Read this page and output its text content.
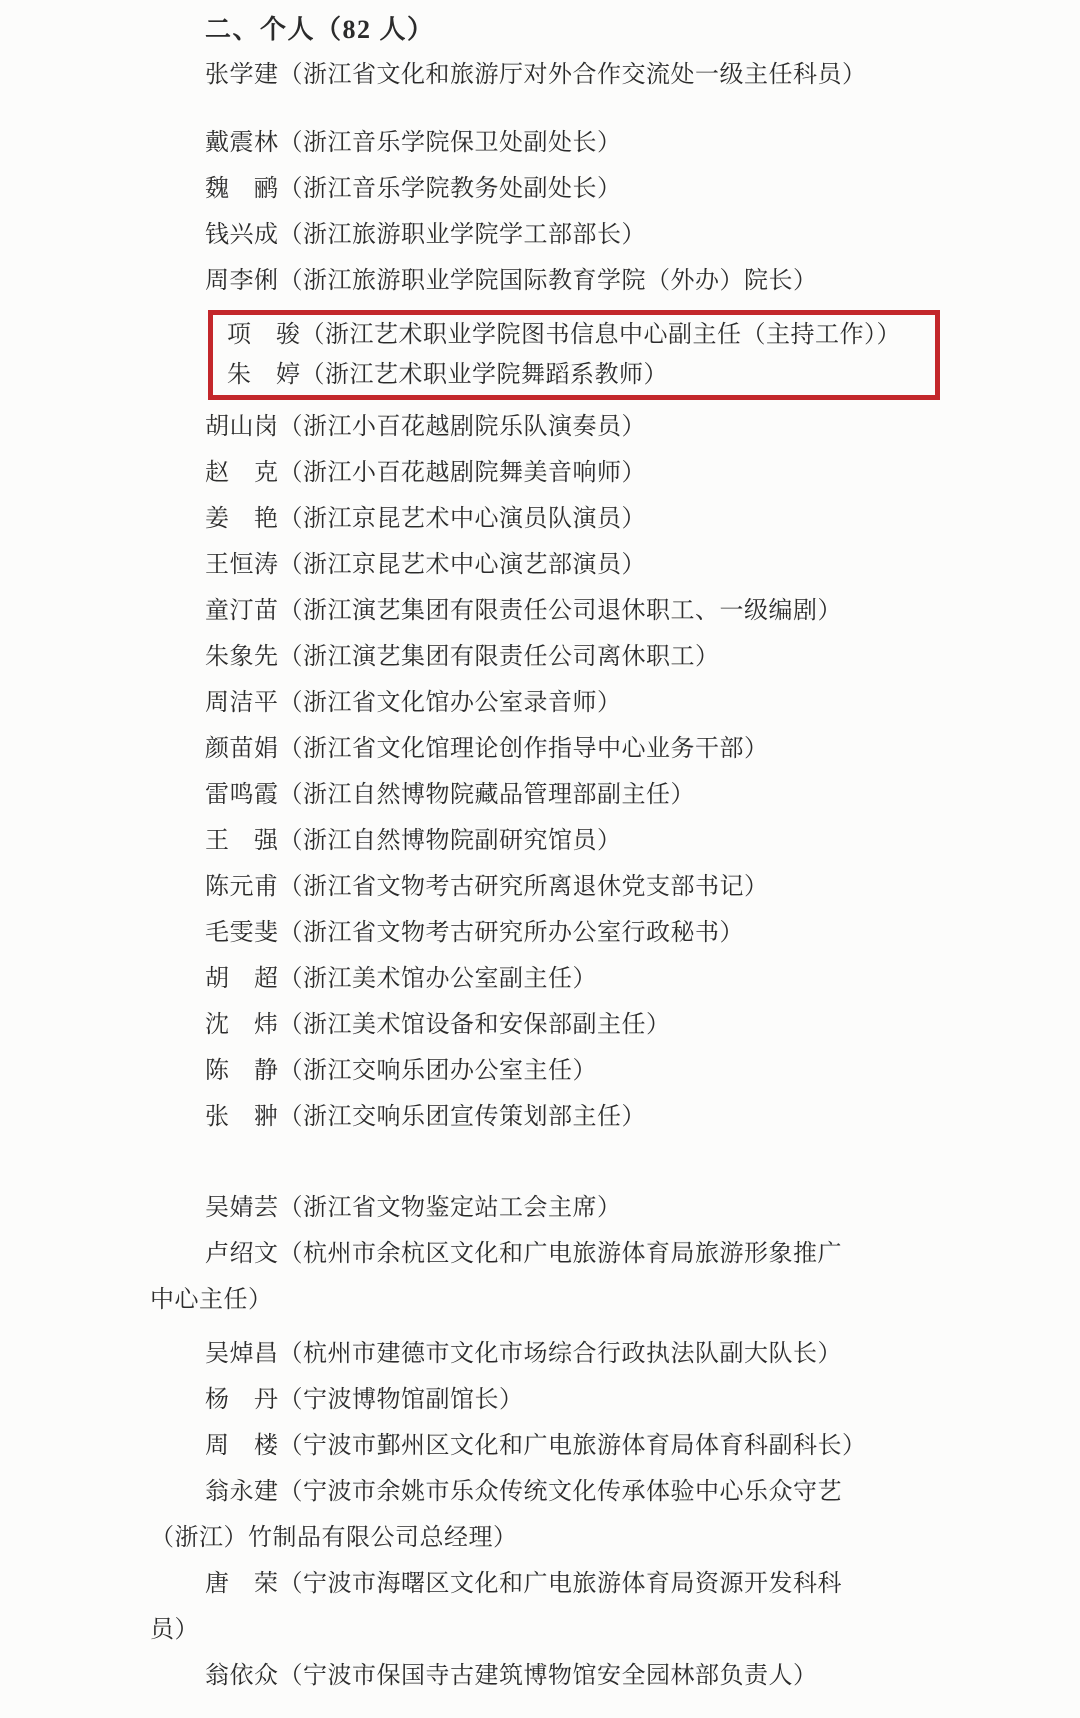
二、个人（82 人）
张学建（浙江省文化和旅游厅对外合作交流处一级主任科员）
戴震林（浙江音乐学院保卫处副处长）
魏　鹂（浙江音乐学院教务处副处长）
钱兴成（浙江旅游职业学院学工部部长）
周李俐（浙江旅游职业学院国际教育学院（外办）院长）
项　骏（浙江艺术职业学院图书信息中心副主任（主持工作））
朱　婷（浙江艺术职业学院舞蹈系教师）
胡山岗（浙江小百花越剧院乐队演奏员）
赵　克（浙江小百花越剧院舞美音响师）
姜　艳（浙江京昆艺术中心演员队演员）
王恒涛（浙江京昆艺术中心演艺部演员）
童汀苗（浙江演艺集团有限责任公司退休职工、一级编剧）
朱象先（浙江演艺集团有限责任公司离休职工）
周洁平（浙江省文化馆办公室录音师）
颜苗娟（浙江省文化馆理论创作指导中心业务干部）
雷鸣霞（浙江自然博物院藏品管理部副主任）
王　强（浙江自然博物院副研究馆员）
陈元甫（浙江省文物考古研究所离退休党支部书记）
毛雯斐（浙江省文物考古研究所办公室行政秘书）
胡　超（浙江美术馆办公室副主任）
沈　炜（浙江美术馆设备和安保部副主任）
陈　静（浙江交响乐团办公室主任）
张　翀（浙江交响乐团宣传策划部主任）
吴婧芸（浙江省文物鉴定站工会主席）
卢绍文（杭州市余杭区文化和广电旅游体育局旅游形象推广
中心主任）
吴焯昌（杭州市建德市文化市场综合行政执法队副大队长）
杨　丹（宁波博物馆副馆长）
周　楼（宁波市鄞州区文化和广电旅游体育局体育科副科长）
翁永建（宁波市余姚市乐众传统文化传承体验中心乐众守艺
（浙江）竹制品有限公司总经理）
唐　荣（宁波市海曙区文化和广电旅游体育局资源开发科科
员）
翁依众（宁波市保国寺古建筑博物馆安全园林部负责人）
